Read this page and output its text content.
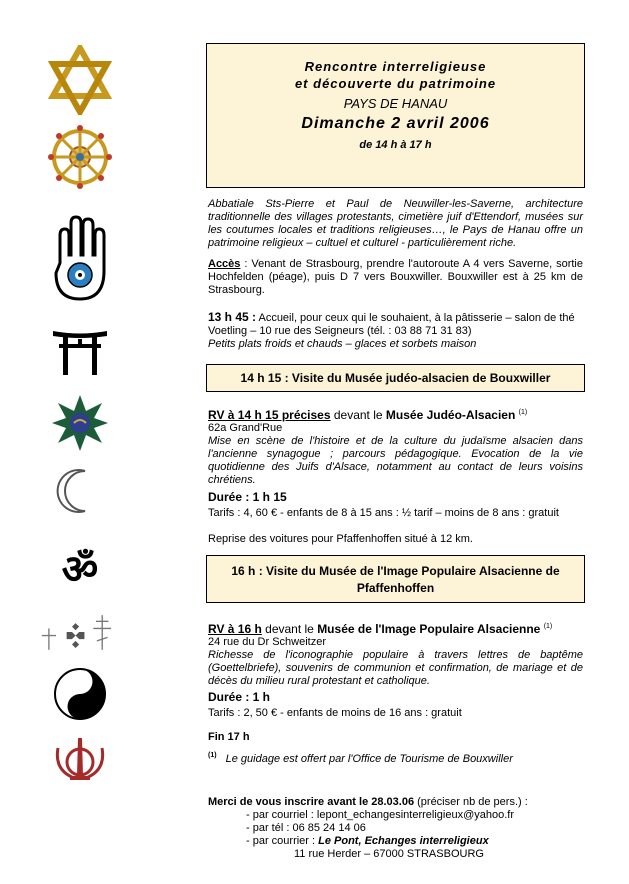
ॐ
Rencontre interreligieuse
et découverte du patrimoine
PAYS DE HANAU
Dimanche 2 avril 2006
de 14 h à 17 h

Abbatiale Sts-Pierre et Paul de Neuwiller-les-Saverne, architecture traditionnelle des villages protestants, cimetière juif d'Ettendorf, musées sur les coutumes locales et traditions religieuses…, le Pays de Hanau offre un patrimoine religieux – cultuel et culturel - particulièrement riche.

Accès : Venant de Strasbourg, prendre l'autoroute A 4 vers Saverne, sortie Hochfelden (péage), puis D 7 vers Bouxwiller. Bouxwiller est à 25 km de Strasbourg.

13 h 45 : Accueil, pour ceux qui le souhaient, à la pâtisserie – salon de thé Voetling – 10 rue des Seigneurs (tél. : 03 88 71 31 83)

Petits plats froids et chauds – glaces et sorbets maison

14 h 15 : Visite du Musée judéo-alsacien de Bouxwiller

RV à 14 h 15 précises devant le Musée Judéo-Alsacien $^{(1)}$

62a Grand'Rue

Mise en scène de l'histoire et de la culture du judaïsme alsacien dans l'ancienne synagogue ; parcours pédagogique. Evocation de la vie quotidienne des Juifs d'Alsace, notamment au contact de leurs voisins chrétiens.

Durée : 1 h 15

Tarifs : 4, 60 € - enfants de 8 à 15 ans : ½ tarif – moins de 8 ans : gratuit

Reprise des voitures pour Pfaffenhoffen situé à 12 km.

16 h : Visite du Musée de l'Image Populaire Alsacienne de
Pfaffenhoffen

RV à 16 h devant le Musée de l'Image Populaire Alsacienne $^{(1)}$

24 rue du Dr Schweitzer

Richesse de l'iconographie populaire à travers lettres de baptême (Goettelbriefe), souvenirs de communion et confirmation, de mariage et de décès du milieu rural protestant et catholique.

Durée : 1 h

Tarifs : 2, 50 € - enfants de moins de 16 ans : gratuit

Fin 17 h

$^{(1)}$ Le guidage est offert par l'Office de Tourisme de Bouxwiller

Merci de vous inscrire avant le 28.03.06 (préciser nb de pers.) :

- par courriel : lepont_echangesinterreligieux@yahoo.fr

- par tél : 06 85 24 14 06

- par courrier : Le Pont, Echanges interreligieux

11 rue Herder – 67000 STRASBOURG
